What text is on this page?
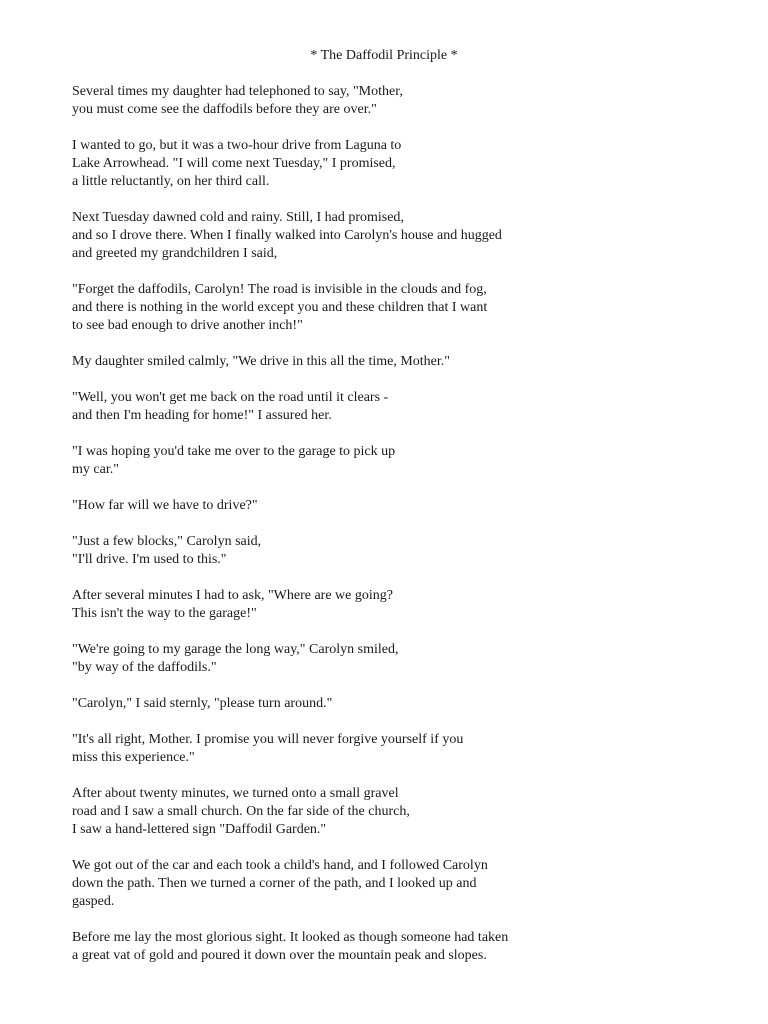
* The Daffodil Principle *

Several times my daughter had telephoned to say, "Mother,
you must come see the daffodils before they are over."

I wanted to go, but it was a two-hour drive from Laguna to
Lake Arrowhead. "I will come next Tuesday," I promised,
a little reluctantly, on her third call.

Next Tuesday dawned cold and rainy. Still, I had promised,
and so I drove there. When I finally walked into Carolyn's house and hugged
and greeted my grandchildren I said,

"Forget the daffodils, Carolyn! The road is invisible in the clouds and fog,
and there is nothing in the world except you and these children that I want
to see bad enough to drive another inch!"

My daughter smiled calmly, "We drive in this all the time, Mother."

"Well, you won't get me back on the road until it clears -
and then I'm heading for home!" I assured her.

"I was hoping you'd take me over to the garage to pick up
my car."

"How far will we have to drive?"

"Just a few blocks," Carolyn said,
"I'll drive. I'm used to this."

After several minutes I had to ask, "Where are we going?
This isn't the way to the garage!"

"We're going to my garage the long way," Carolyn smiled,
"by way of the daffodils."

"Carolyn," I said sternly, "please turn around."

"It's all right, Mother. I promise you will never forgive yourself if you
miss this experience."

After about twenty minutes, we turned onto a small gravel
road and I saw a small church. On the far side of the church,
I saw a hand-lettered sign "Daffodil Garden."

We got out of the car and each took a child's hand, and I followed Carolyn
down the path. Then we turned a corner of the path, and I looked up and
gasped.

Before me lay the most glorious sight. It looked as though someone had taken
a great vat of gold and poured it down over the mountain peak and slopes.
